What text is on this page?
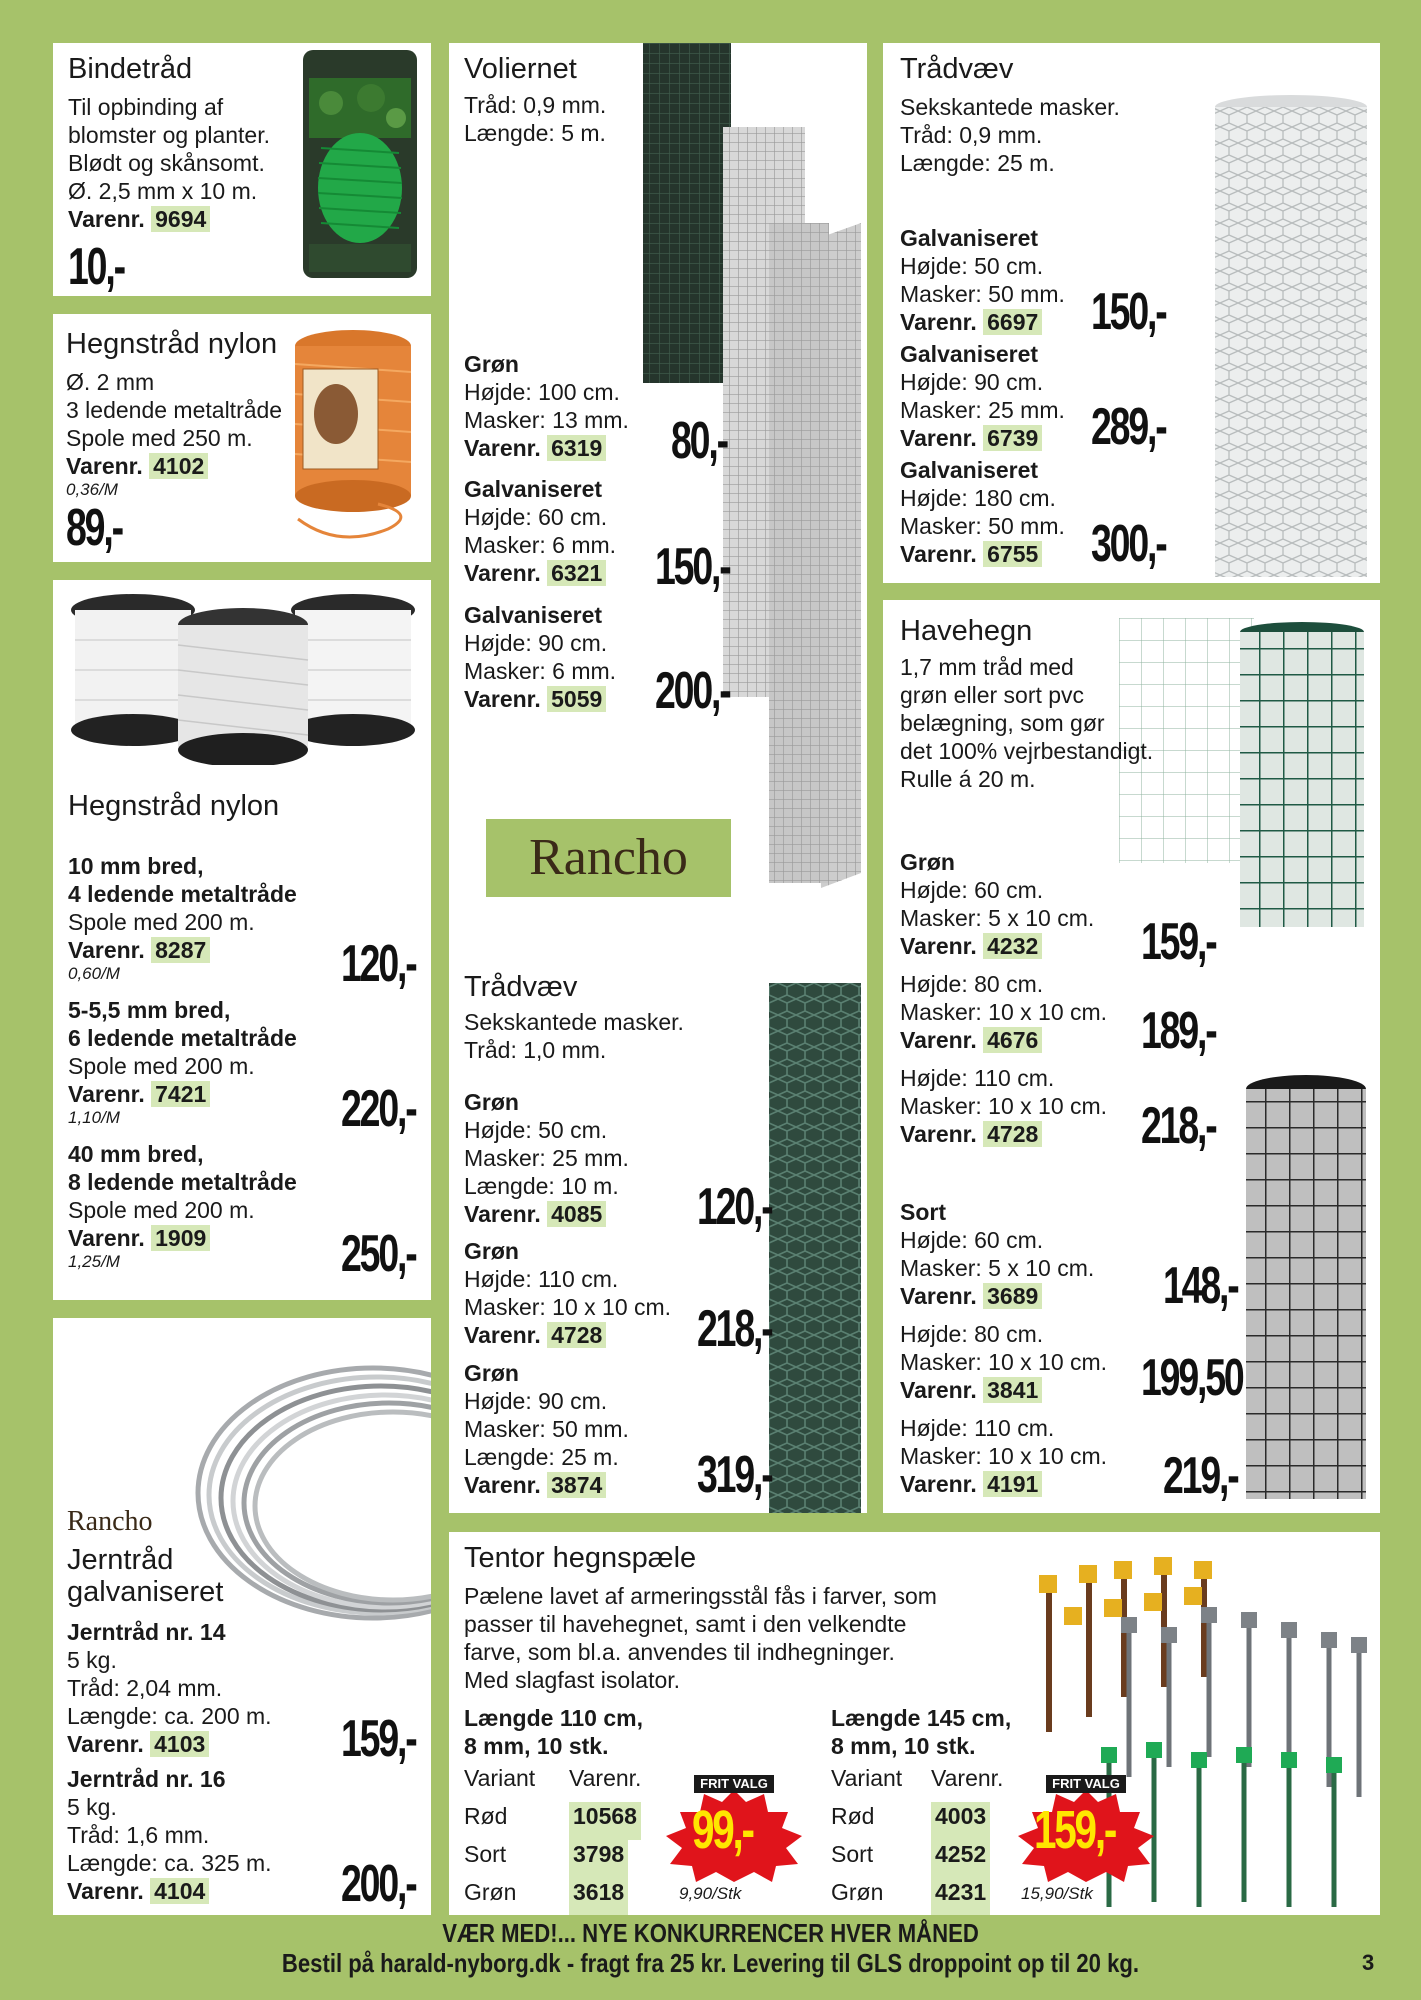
Bindetråd
Til opbinding af
blomster og planter.
Blødt og skånsomt.
Ø. 2,5 mm x 10 m.
Varenr. 9694
10,-
Hegnstråd nylon
Ø. 2 mm
3 ledende metaltråde
Spole med 250 m.
Varenr. 4102
0,36/M
89,-
Hegnstråd nylon
10 mm bred,
4 ledende metaltråde
Spole med 200 m.
Varenr. 8287
0,60/M	120,-
5-5,5 mm bred,
6 ledende metaltråde
Spole med 200 m.
Varenr. 7421
1,10/M	220,-
40 mm bred,
8 ledende metaltråde
Spole med 200 m.
Varenr. 1909
1,25/M	250,-
Rancho
Jerntråd
galvaniseret
Jerntråd nr. 14
5 kg.
Tråd: 2,04 mm.
Længde: ca. 200 m.
Varenr. 4103	159,-
Jerntråd nr. 16
5 kg.
Tråd: 1,6 mm.
Længde: ca. 325 m.
Varenr. 4104	200,-
Voliernet
Tråd: 0,9 mm.
Længde: 5 m.
Grøn
Højde: 100 cm.
Masker: 13 mm.
Varenr. 6319	80,-
Galvaniseret
Højde: 60 cm.
Masker: 6 mm.
Varenr. 6321	150,-
Galvaniseret
Højde: 90 cm.
Masker: 6 mm.
Varenr. 5059	200,-
Rancho
Trådvæv
Sekskantede masker.
Tråd: 1,0 mm.
Grøn
Højde: 50 cm.
Masker: 25 mm.
Længde: 10 m.
Varenr. 4085	120,-
Grøn
Højde: 110 cm.
Masker: 10 x 10 cm.
Varenr. 4728	218,-
Grøn
Højde: 90 cm.
Masker: 50 mm.
Længde: 25 m.
Varenr. 3874	319,-
Trådvæv
Sekskantede masker.
Tråd: 0,9 mm.
Længde: 25 m.
Galvaniseret
Højde: 50 cm.
Masker: 50 mm.
Varenr. 6697	150,-
Galvaniseret
Højde: 90 cm.
Masker: 25 mm.
Varenr. 6739	289,-
Galvaniseret
Højde: 180 cm.
Masker: 50 mm.
Varenr. 6755	300,-
Havehegn
1,7 mm tråd med
grøn eller sort pvc
belægning, som gør
det 100% vejrbestandigt.
Rulle á 20 m.
Grøn
Højde: 60 cm.
Masker: 5 x 10 cm.
Varenr. 4232	159,-
Højde: 80 cm.
Masker: 10 x 10 cm.
Varenr. 4676	189,-
Højde: 110 cm.
Masker: 10 x 10 cm.
Varenr. 4728	218,-
Sort
Højde: 60 cm.
Masker: 5 x 10 cm.
Varenr. 3689	148,-
Højde: 80 cm.
Masker: 10 x 10 cm.
Varenr. 3841	199,50
Højde: 110 cm.
Masker: 10 x 10 cm.
Varenr. 4191	219,-
Tentor hegnspæle
Pælene lavet af armeringsstål fås i farver, som
passer til havehegnet, samt i den velkendte
farve, som bl.a. anvendes til indhegninger.
Med slagfast isolator.
Længde 110 cm,
8 mm, 10 stk.
Variant	Varenr.
Rød	10568
Sort	3798
Grøn	3618
FRIT VALG
99,-
9,90/Stk
Længde 145 cm,
8 mm, 10 stk.
Variant	Varenr.
Rød	4003
Sort	4252
Grøn	4231
FRIT VALG
159,-
15,90/Stk
VÆR MED!... NYE KONKURRENCER HVER MÅNED
Bestil på harald-nyborg.dk - fragt fra 25 kr. Levering til GLS droppoint op til 20 kg.	3
